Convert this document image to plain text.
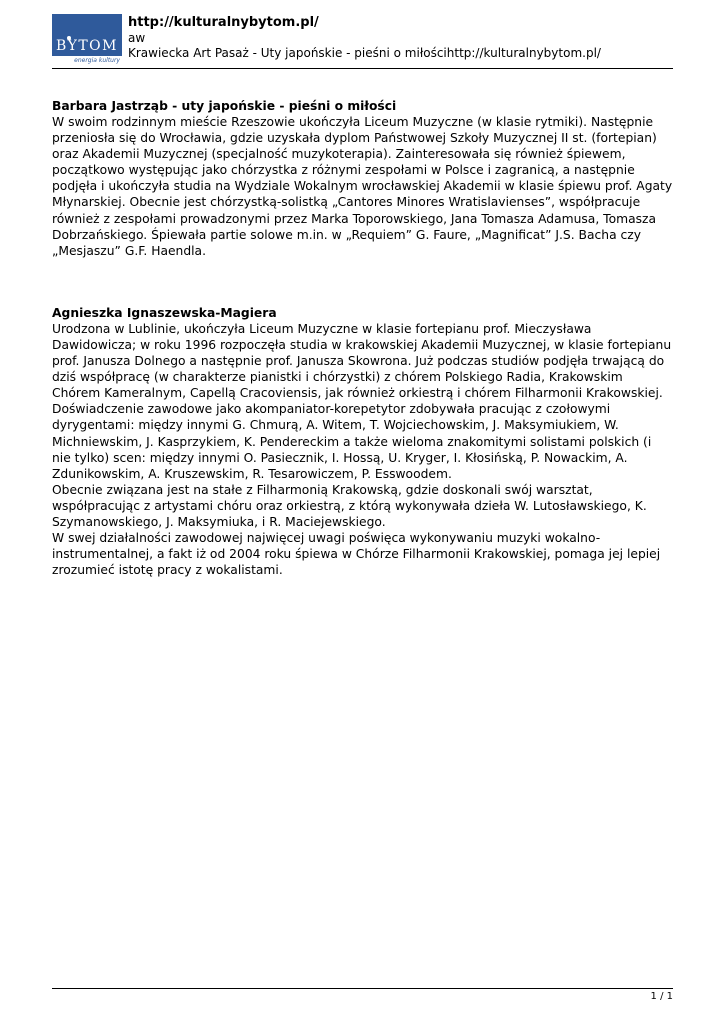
BYTOM
energia kultury
http://kulturalnybytom.pl/
aw
Krawiecka Art Pasaż - Uty japońskie - pieśni o miłościhttp://kulturalnybytom.pl/
Barbara Jastrząb - uty japońskie - pieśni o miłości

W swoim rodzinnym mieście Rzeszowie ukończyła Liceum Muzyczne (w klasie rytmiki). Następnie przeniosła się do Wrocławia, gdzie uzyskała dyplom Państwowej Szkoły Muzycznej II st. (fortepian) oraz Akademii Muzycznej (specjalność muzykoterapia). Zainteresowała się również śpiewem, początkowo występując jako chórzystka z różnymi zespołami w Polsce i zagranicą, a następnie podjęła i ukończyła studia na Wydziale Wokalnym wrocławskiej Akademii w klasie śpiewu prof. Agaty Młynarskiej. Obecnie jest chórzystką-solistką „Cantores Minores Wratislavienses”, współpracuje również z zespołami prowadzonymi przez Marka Toporowskiego, Jana Tomasza Adamusa, Tomasza Dobrzańskiego. Śpiewała partie solowe m.in. w „Requiem” G. Faure, „Magnificat” J.S. Bacha czy „Mesjaszu” G.F. Haendla.

Agnieszka Ignaszewska-Magiera

Urodzona w Lublinie, ukończyła Liceum Muzyczne w klasie fortepianu prof. Mieczysława Dawidowicza; w roku 1996 rozpoczęła studia w krakowskiej Akademii Muzycznej, w klasie fortepianu prof. Janusza Dolnego a następnie prof. Janusza Skowrona. Już podczas studiów podjęła trwającą do dziś współpracę (w charakterze pianistki i chórzystki) z chórem Polskiego Radia, Krakowskim Chórem Kameralnym, Capellą Cracoviensis, jak również orkiestrą i chórem Filharmonii Krakowskiej.

Doświadczenie zawodowe jako akompaniator-korepetytor zdobywała pracując z czołowymi dyrygentami: między innymi G. Chmurą, A. Witem, T. Wojciechowskim, J. Maksymiukiem, W. Michniewskim, J. Kasprzykiem, K. Pendereckim a także wieloma znakomitymi solistami polskich (i nie tylko) scen: między innymi O. Pasiecznik, I. Hossą, U. Kryger, I. Kłosińską, P. Nowackim, A. Zdunikowskim, A. Kruszewskim, R. Tesarowiczem, P. Esswoodem.

Obecnie związana jest na stałe z Filharmonią Krakowską, gdzie doskonali swój warsztat, współpracując z artystami chóru oraz orkiestrą, z którą wykonywała dzieła W. Lutosławskiego, K. Szymanowskiego, J. Maksymiuka, i R. Maciejewskiego.

W swej działalności zawodowej najwięcej uwagi poświęca wykonywaniu muzyki wokalno-instrumentalnej, a fakt iż od 2004 roku śpiewa w Chórze Filharmonii Krakowskiej, pomaga jej lepiej zrozumieć istotę pracy z wokalistami.

1 / 1
